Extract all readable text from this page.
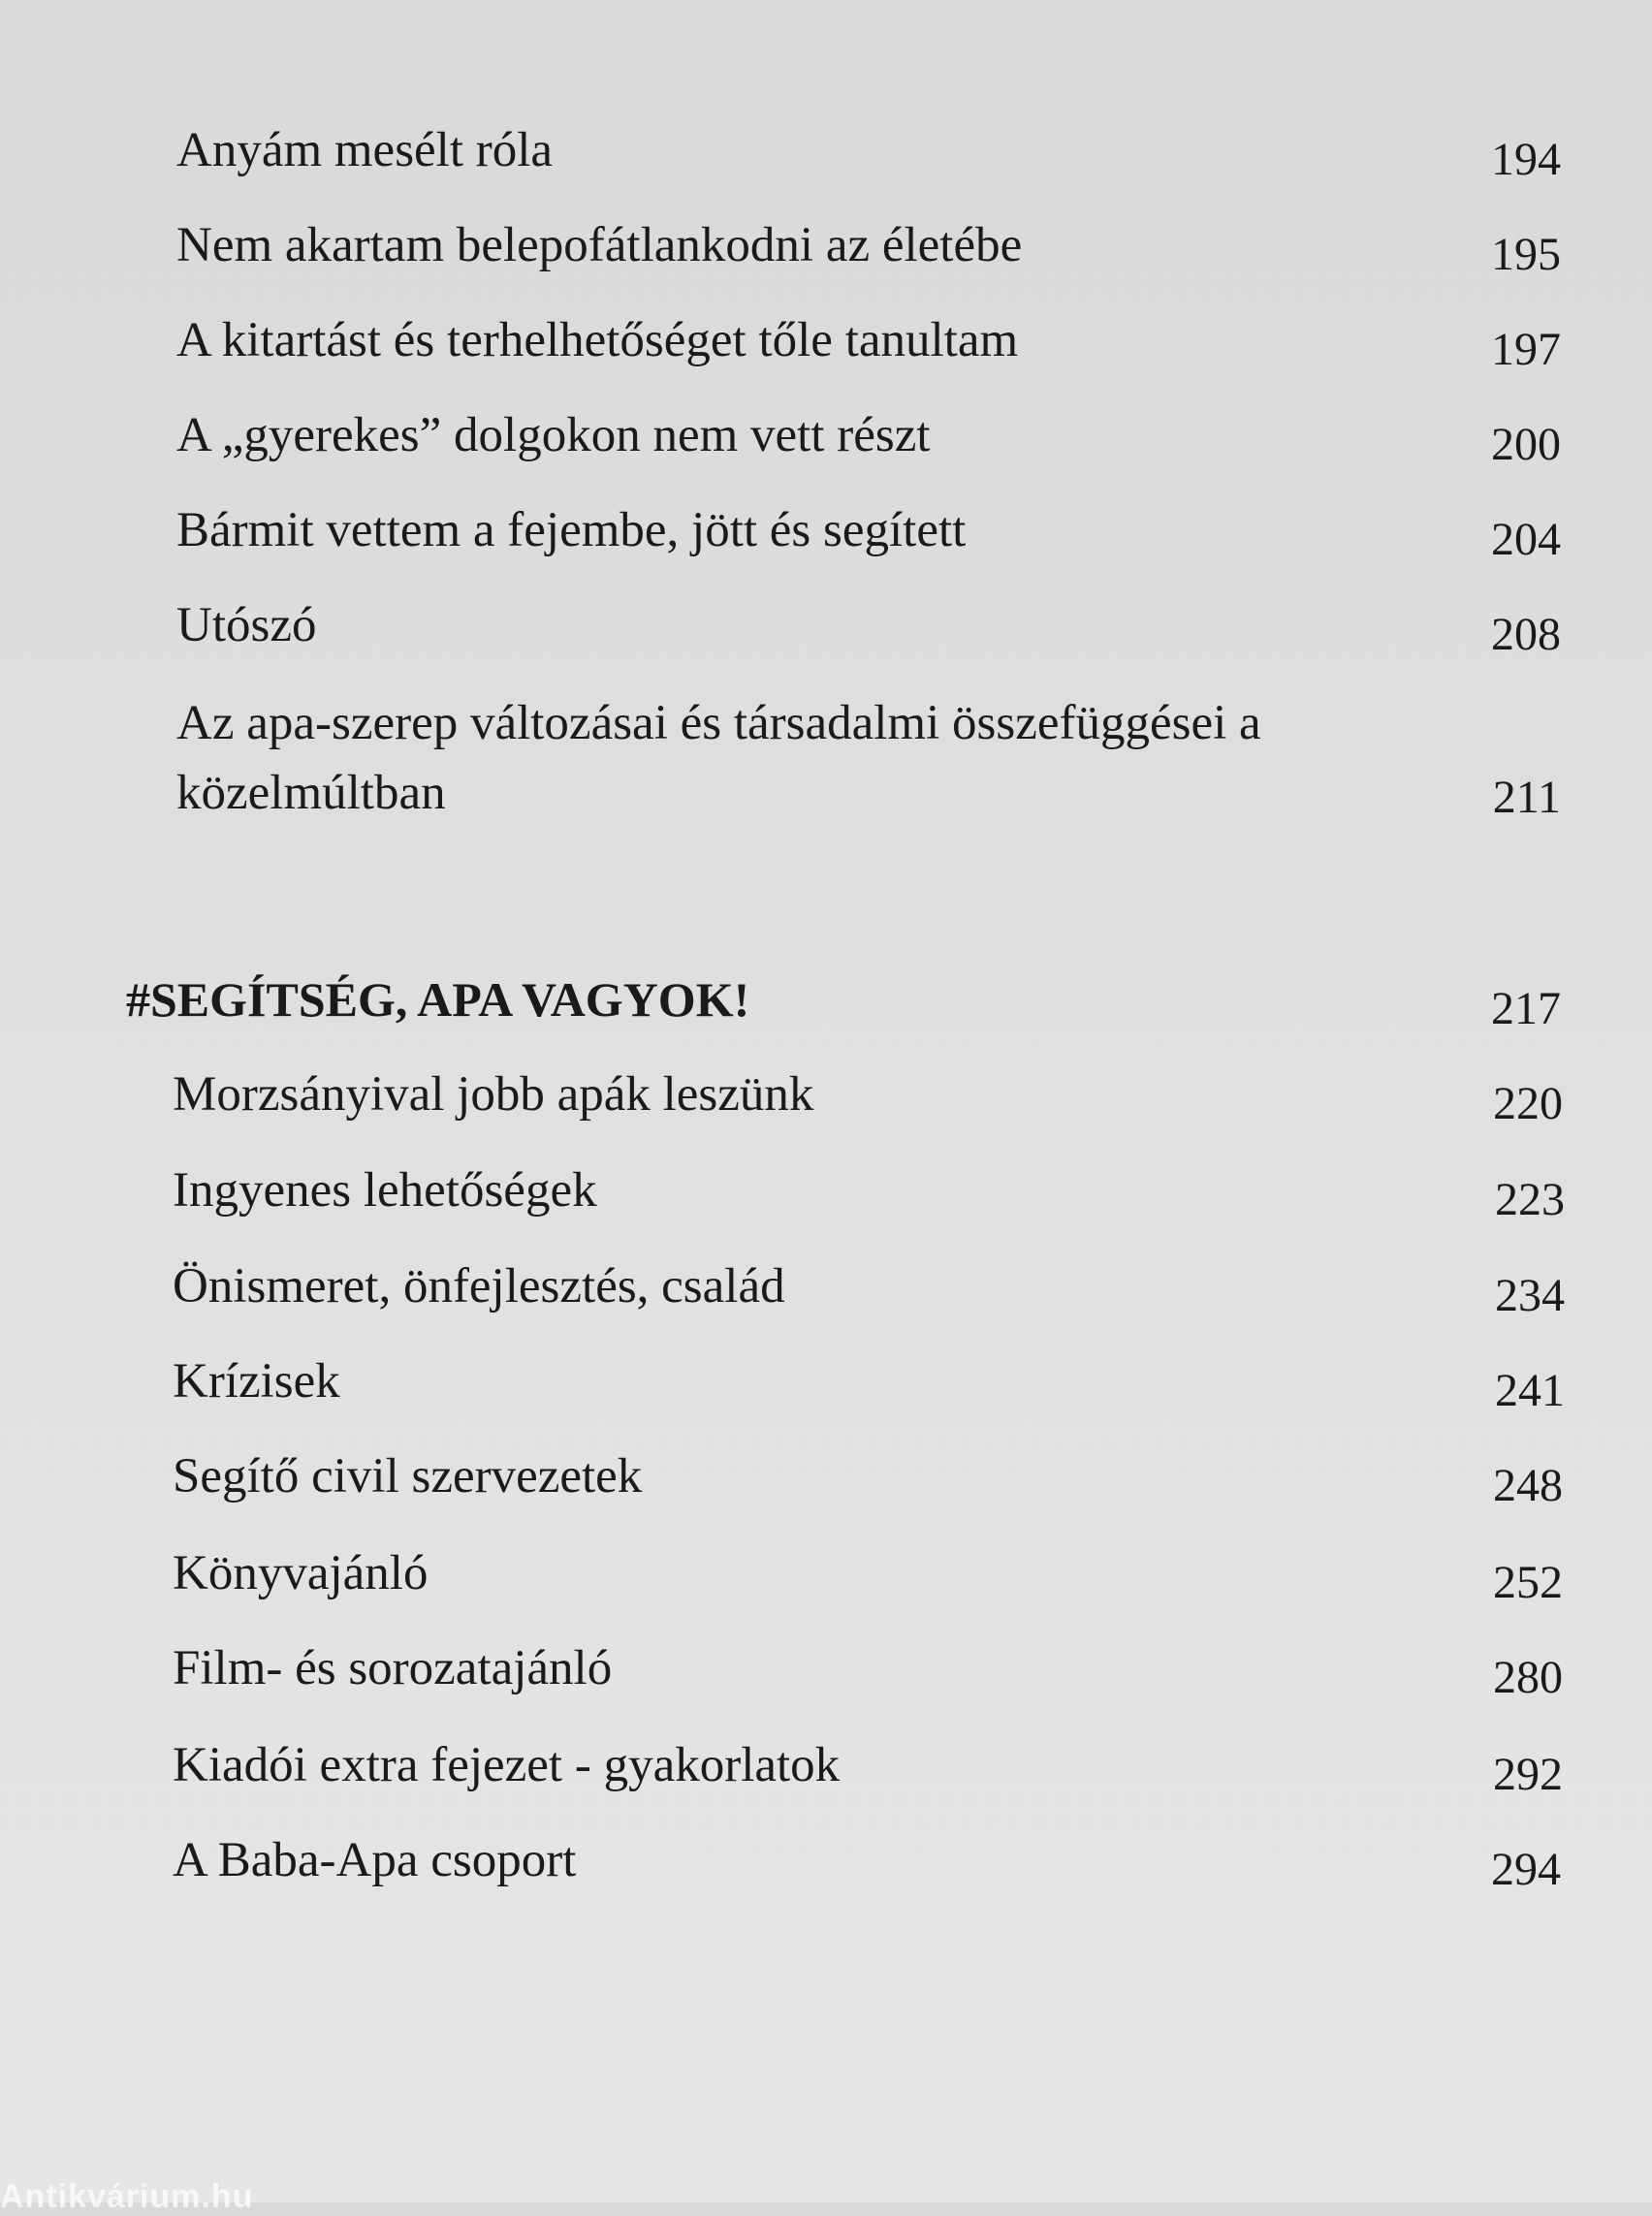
Anyám mesélt róla	194
Nem akartam belepofátlankodni az életébe	195
A kitartást és terhelhetőséget tőle tanultam	197
A „gyerekes” dolgokon nem vett részt	200
Bármit vettem a fejembe, jött és segített	204
Utószó	208
Az apa-szerep változásai és társadalmi összefüggései a közelmúltban	211
#SEGÍTSÉG, APA VAGYOK!	217
Morzsányival jobb apák leszünk	220
Ingyenes lehetőségek	223
Önismeret, önfejlesztés, család	234
Krízisek	241
Segítő civil szervezetek	248
Könyvajánló	252
Film- és sorozatajánló	280
Kiadói extra fejezet - gyakorlatok	292
A Baba-Apa csoport	294
Antikvárium.hu
